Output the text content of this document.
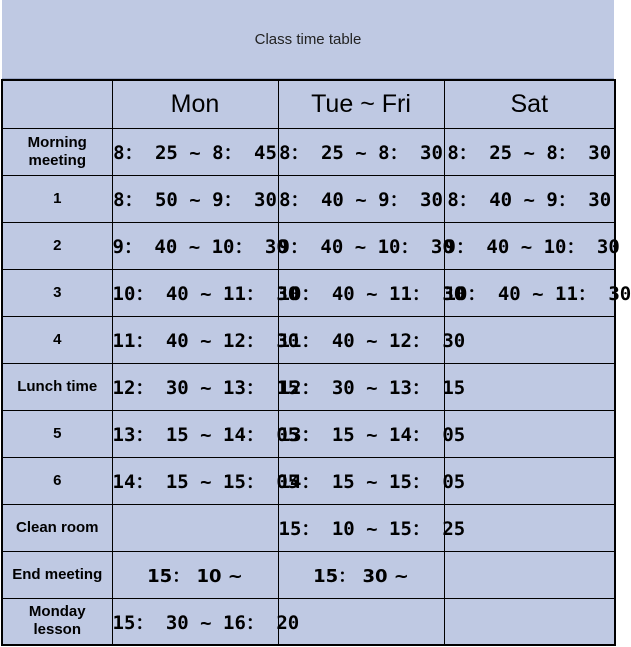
Class time table
	Mon	Tue ~ Fri	Sat
Morning
meeting	8： 25 ~ 8： 45	8： 25 ~ 8： 30	8： 25 ~ 8： 30
1	8： 50 ~ 9： 30	8： 40 ~ 9： 30	8： 40 ~ 9： 30
2	9： 40 ~ 10： 30	9： 40 ~ 10： 30	9： 40 ~ 10： 30
3	10： 40 ~ 11： 30	10： 40 ~ 11： 30	10： 40 ~ 11： 30
4	11： 40 ~ 12： 30	11： 40 ~ 12： 30	
Lunch time	12： 30 ~ 13： 15	12： 30 ~ 13： 15	
5	13： 15 ~ 14： 05	13： 15 ~ 14： 05	
6	14： 15 ~ 15： 05	14： 15 ~ 15： 05	
Clean room		15： 10 ~ 15： 25	
End meeting	15： 10 ~	15： 30 ~	
Monday
lesson	15： 30 ~ 16： 20		
